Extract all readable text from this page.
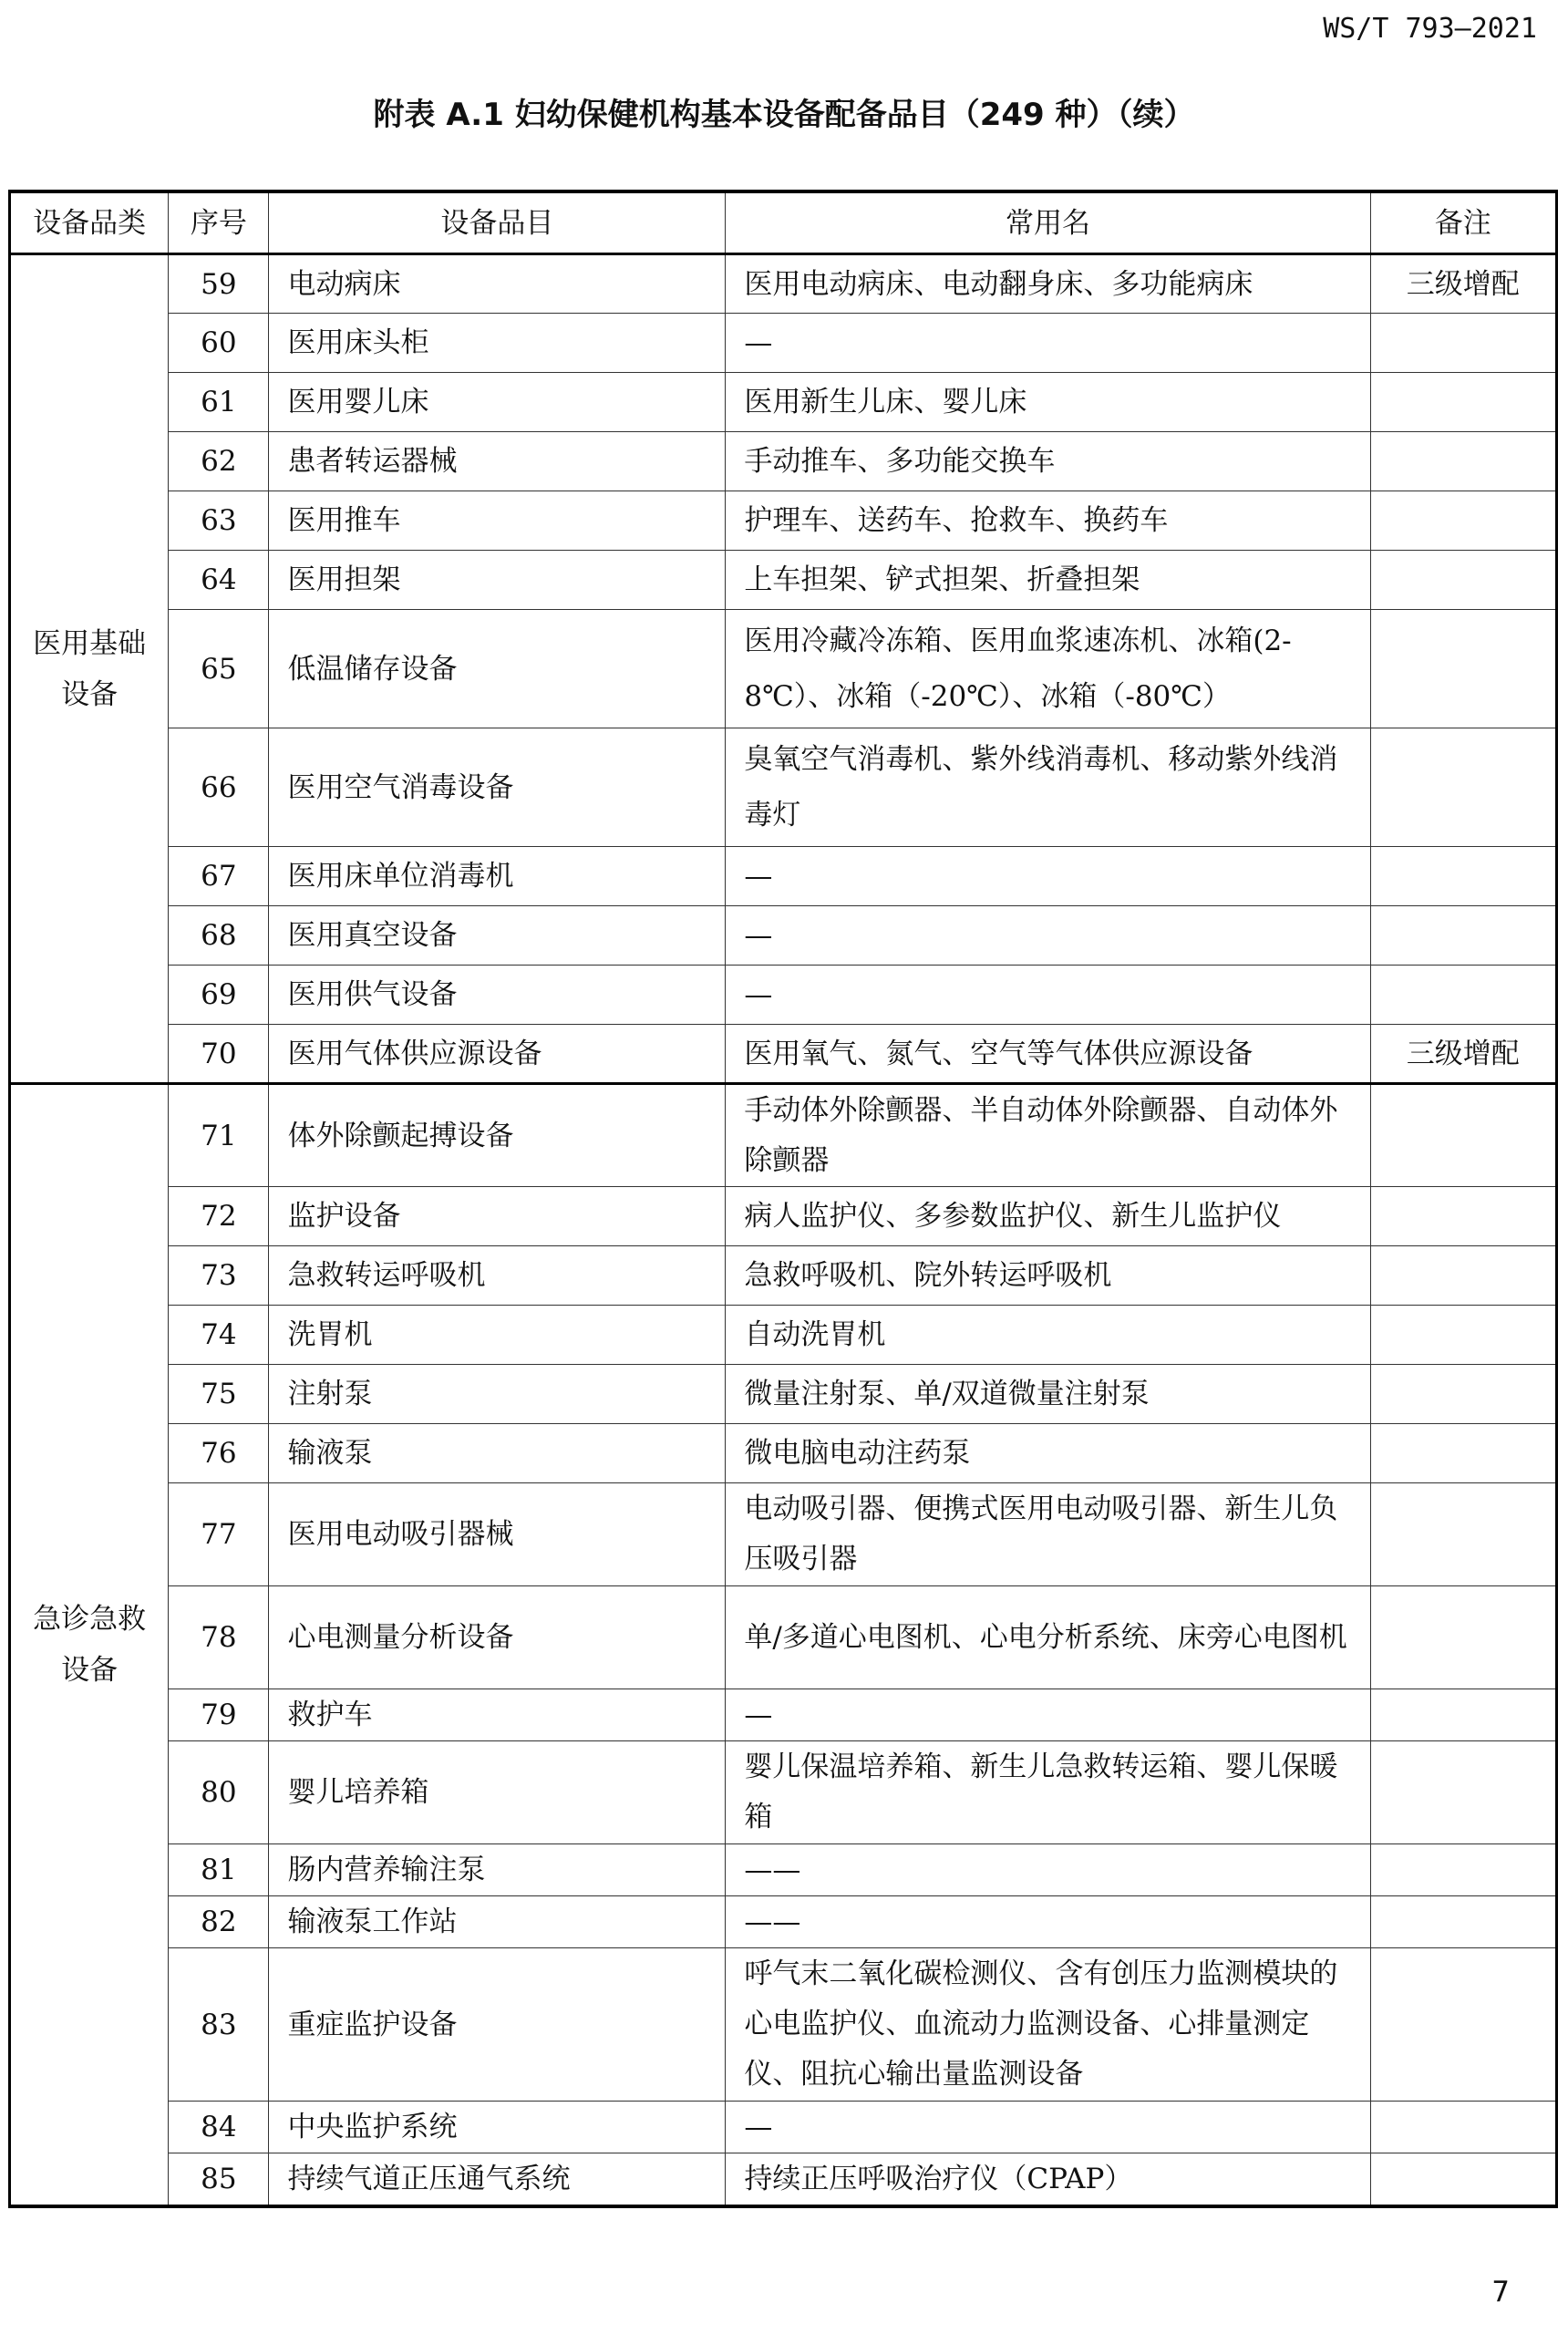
WS/T 793—2021
附表 A.1 妇幼保健机构基本设备配备品目（249 种）（续）
设备品类	序号	设备品目	常用名	备注
医用基础设备	59	电动病床	医用电动病床、电动翻身床、多功能病床	三级增配
	60	医用床头柜	—	
	61	医用婴儿床	医用新生儿床、婴儿床	
	62	患者转运器械	手动推车、多功能交换车	
	63	医用推车	护理车、送药车、抢救车、换药车	
	64	医用担架	上车担架、铲式担架、折叠担架	
	65	低温储存设备	医用冷藏冷冻箱、医用血浆速冻机、冰箱(2-8℃）、冰箱（-20℃）、冰箱（-80℃）	
	66	医用空气消毒设备	臭氧空气消毒机、紫外线消毒机、移动紫外线消毒灯	
	67	医用床单位消毒机	—	
	68	医用真空设备	—	
	69	医用供气设备	—	
	70	医用气体供应源设备	医用氧气、氮气、空气等气体供应源设备	三级增配
急诊急救设备	71	体外除颤起搏设备	手动体外除颤器、半自动体外除颤器、自动体外除颤器	
	72	监护设备	病人监护仪、多参数监护仪、新生儿监护仪	
	73	急救转运呼吸机	急救呼吸机、院外转运呼吸机	
	74	洗胃机	自动洗胃机	
	75	注射泵	微量注射泵、单/双道微量注射泵	
	76	输液泵	微电脑电动注药泵	
	77	医用电动吸引器械	电动吸引器、便携式医用电动吸引器、新生儿负压吸引器	
	78	心电测量分析设备	单/多道心电图机、心电分析系统、床旁心电图机	
	79	救护车	—	
	80	婴儿培养箱	婴儿保温培养箱、新生儿急救转运箱、婴儿保暖箱	
	81	肠内营养输注泵	——	
	82	输液泵工作站	——	
	83	重症监护设备	呼气末二氧化碳检测仪、含有创压力监测模块的心电监护仪、血流动力监测设备、心排量测定仪、阻抗心输出量监测设备	
	84	中央监护系统	—	
	85	持续气道正压通气系统	持续正压呼吸治疗仪（CPAP）	
7
